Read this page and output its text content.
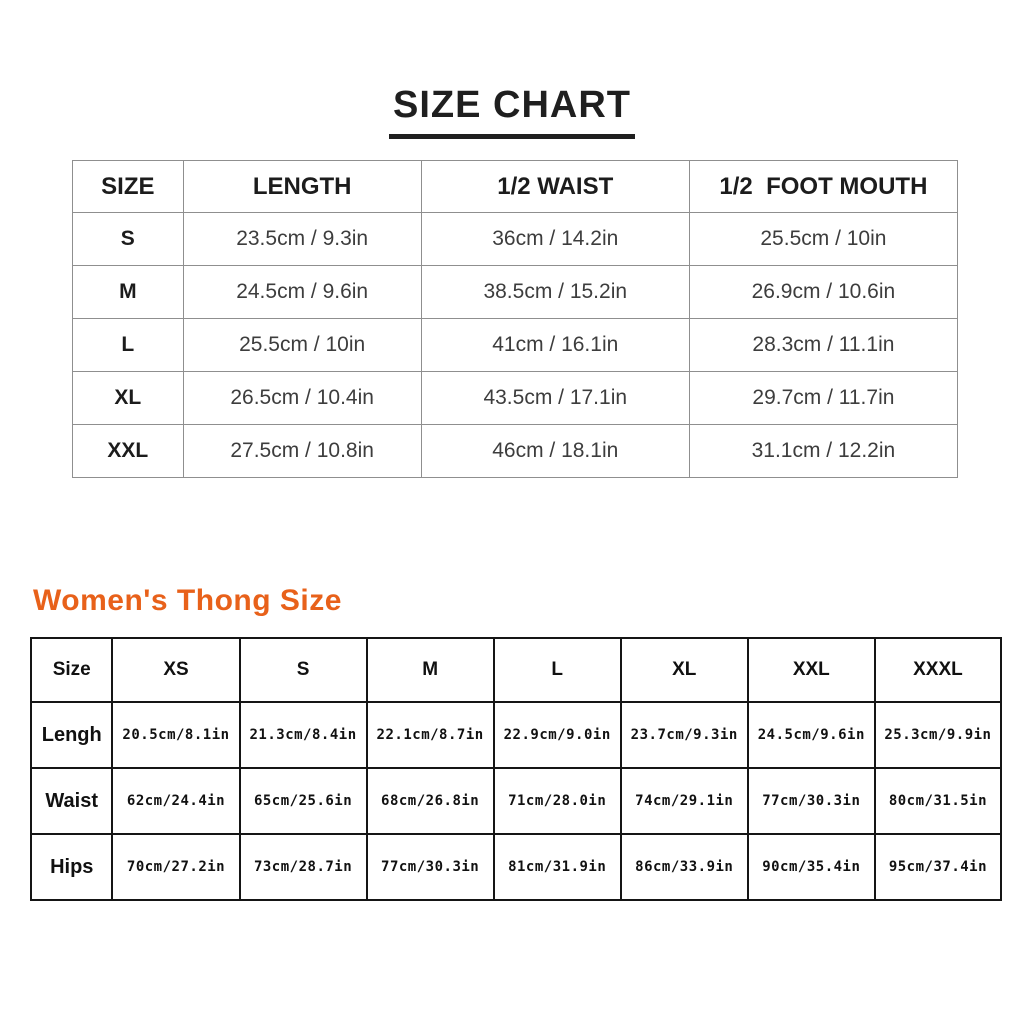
SIZE CHART
SIZE	LENGTH	1/2 WAIST	1/2  FOOT MOUTH
S	23.5cm / 9.3in	36cm / 14.2in	25.5cm / 10in
M	24.5cm / 9.6in	38.5cm / 15.2in	26.9cm / 10.6in
L	25.5cm / 10in	41cm / 16.1in	28.3cm / 11.1in
XL	26.5cm / 10.4in	43.5cm / 17.1in	29.7cm / 11.7in
XXL	27.5cm / 10.8in	46cm / 18.1in	31.1cm / 12.2in
Women's Thong Size
Size	XS	S	M	L	XL	XXL	XXXL
Lengh	20.5cm/8.1in	21.3cm/8.4in	22.1cm/8.7in	22.9cm/9.0in	23.7cm/9.3in	24.5cm/9.6in	25.3cm/9.9in
Waist	62cm/24.4in	65cm/25.6in	68cm/26.8in	71cm/28.0in	74cm/29.1in	77cm/30.3in	80cm/31.5in
Hips	70cm/27.2in	73cm/28.7in	77cm/30.3in	81cm/31.9in	86cm/33.9in	90cm/35.4in	95cm/37.4in
